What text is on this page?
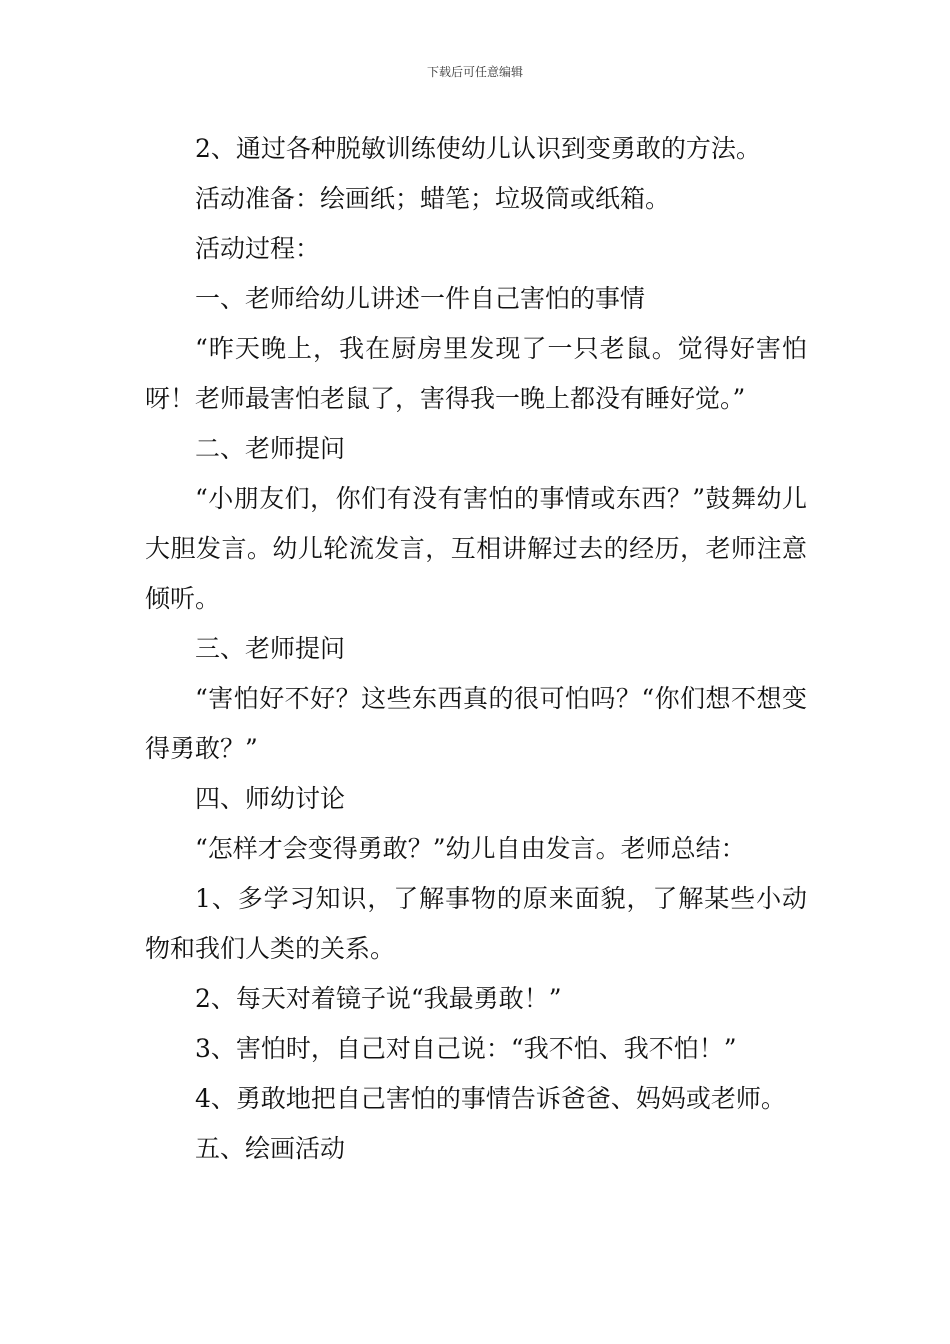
下载后可任意编辑

2、通过各种脱敏训练使幼儿认识到变勇敢的方法。

活动准备：绘画纸；蜡笔；垃圾筒或纸箱。

活动过程：

一、老师给幼儿讲述一件自己害怕的事情

“昨天晚上，我在厨房里发现了一只老鼠。觉得好害怕呀！老师最害怕老鼠了，害得我一晚上都没有睡好觉。”

二、老师提问

“小朋友们，你们有没有害怕的事情或东西？”鼓舞幼儿大胆发言。幼儿轮流发言，互相讲解过去的经历，老师注意倾听。

三、老师提问

“害怕好不好？这些东西真的很可怕吗？“你们想不想变得勇敢？”

四、师幼讨论

“怎样才会变得勇敢？”幼儿自由发言。老师总结：

1、多学习知识，了解事物的原来面貌，了解某些小动物和我们人类的关系。

2、每天对着镜子说“我最勇敢！”

3、害怕时，自己对自己说：“我不怕、我不怕！”

4、勇敢地把自己害怕的事情告诉爸爸、妈妈或老师。

五、绘画活动
